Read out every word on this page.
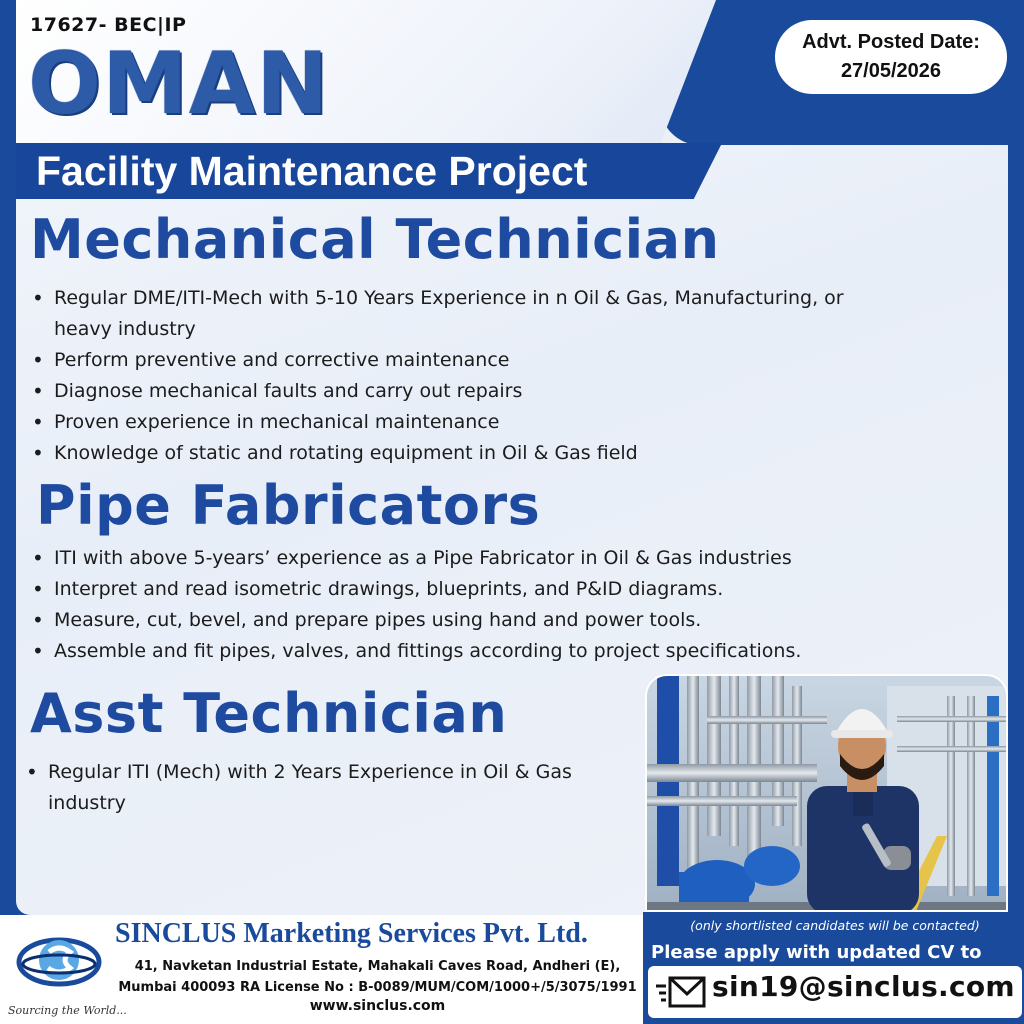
17627- BEC|IP
OMAN	Advt. Posted Date:
27/05/2026
Facility Maintenance Project
Mechanical Technician
• Regular DME/ITI-Mech with 5-10 Years Experience in n Oil & Gas, Manufacturing, or heavy industry
• Perform preventive and corrective maintenance
• Diagnose mechanical faults and carry out repairs
• Proven experience in mechanical maintenance
• Knowledge of static and rotating equipment in Oil & Gas field
Pipe Fabricators
• ITI with above 5-years’ experience as a Pipe Fabricator in Oil & Gas industries
• Interpret and read isometric drawings, blueprints, and P&ID diagrams.
• Measure, cut, bevel, and prepare pipes using hand and power tools.
• Assemble and fit pipes, valves, and fittings according to project specifications.
Asst Technician
• Regular ITI (Mech) with 2 Years Experience in Oil & Gas industry
Sourcing the World...
SINCLUS Marketing Services Pvt. Ltd.
41, Navketan Industrial Estate, Mahakali Caves Road, Andheri (E),
Mumbai 400093 RA License No : B-0089/MUM/COM/1000+/5/3075/1991
www.sinclus.com
(only shortlisted candidates will be contacted)
Please apply with updated CV to
sin19@sinclus.com
